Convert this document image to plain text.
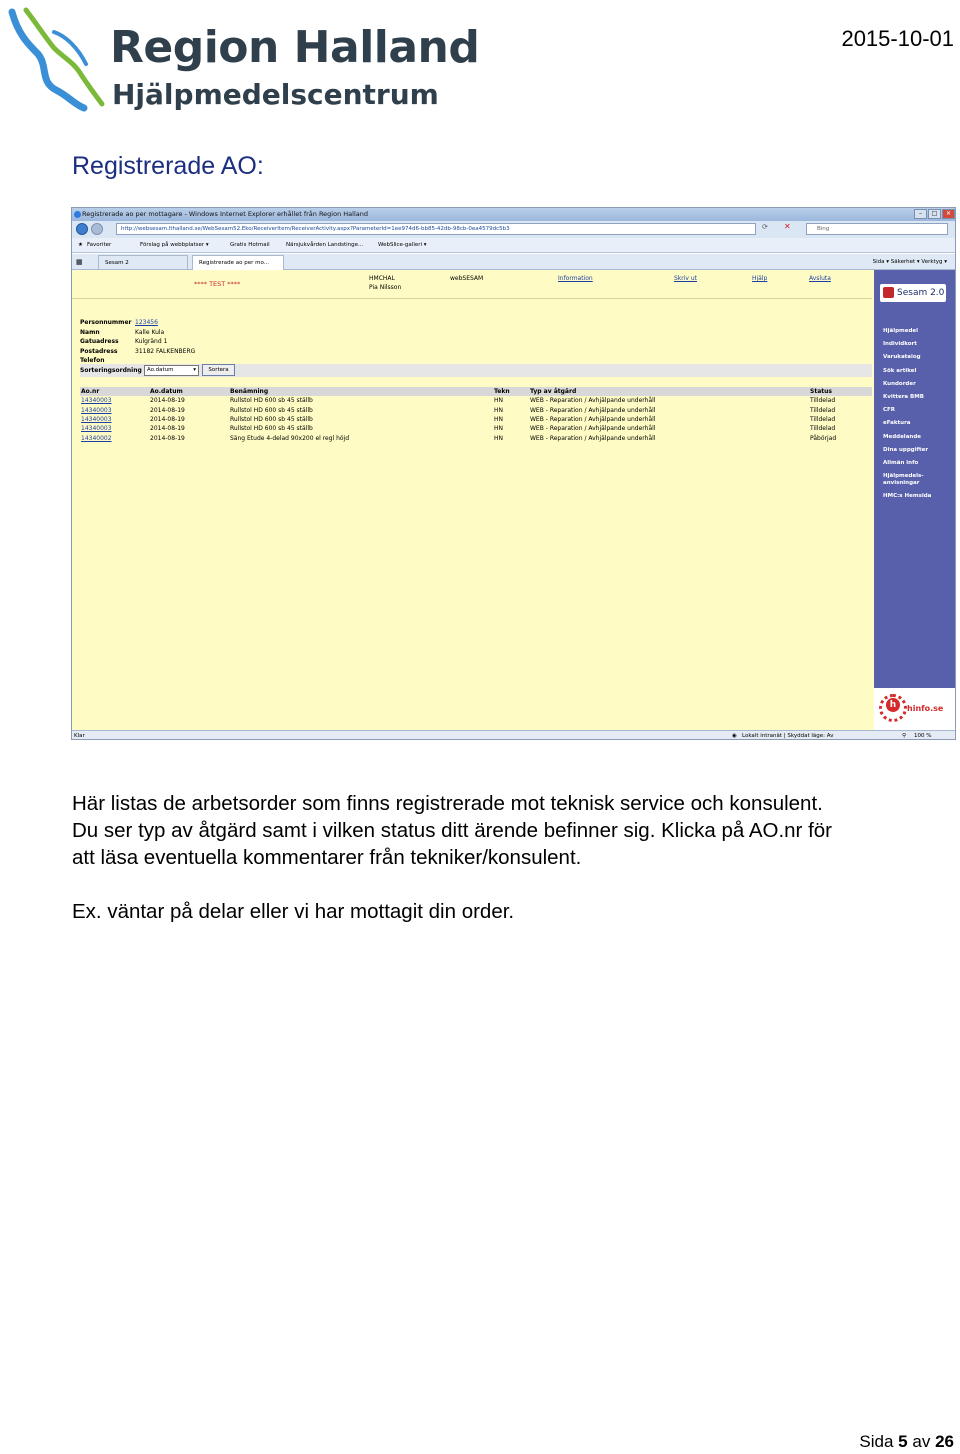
Region Halland
Hjälpmedelscentrum
2015-10-01
Registrerade AO:
Registrerade ao per mottagare - Windows Internet Explorer erhållet från Region Halland	–	□	✕
http://websesam.lthalland.se/WebSesam52.Eko/ReceiverItem/ReceiverActivity.aspx?ParameterId=1ee974d6-bb85-42db-98cb-0ea4579dc5b3	⟳ ✕	Bing
★ Favoriter	Förslag på webbplatser ▾	Gratis Hotmail	Närsjukvården Landstinge...	WebSlice-galleri ▾
▦	Sesam 2	Registrerade ao per mo...	Sida ▾ Säkerhet ▾ Verktyg ▾
**** TEST ****
HMCHAL
Pia Nilsson
webSESAM	Information	Skriv ut	Hjälp	Avsluta
Personnummer 123456
Namn	Kalle Kula
Gatuadress	Kulgränd 1
Postadress	31182 FALKENBERG
Telefon
Sorteringsordning Ao.datum	▾	Sortera
Ao.nr	Ao.datum	Benämning	Tekn	Typ av åtgärd	Status
14340003	2014-08-19	Rullstol HD 600 sb 45 ställb	HN	WEB - Reparation / Avhjälpande underhåll	Tilldelad
14340003	2014-08-19	Rullstol HD 600 sb 45 ställb	HN	WEB - Reparation / Avhjälpande underhåll	Tilldelad
14340003	2014-08-19	Rullstol HD 600 sb 45 ställb	HN	WEB - Reparation / Avhjälpande underhåll	Tilldelad
14340003	2014-08-19	Rullstol HD 600 sb 45 ställb	HN	WEB - Reparation / Avhjälpande underhåll	Tilldelad
14340002	2014-08-19	Säng Etude 4-delad 90x200 el regl höjd	HN	WEB - Reparation / Avhjälpande underhåll	Påbörjad
Sesam 2.0
Hjälpmedel
Individkort
Varukatalog
Sök artikel
Kundorder
Kvittera BMB
CFR
eFaktura
Meddelande
Dina uppgifter
Allmän info
Hjälpmedels-
anvisningar
HMC:s Hemsida
h	hinfo.se
Klar	◉ Lokalt intranät | Skyddat läge: Av	⚲ 100 %

Här listas de arbetsorder som finns registrerade mot teknisk service och konsulent.

Du ser typ av åtgärd samt i vilken status ditt ärende befinner sig. Klicka på AO.nr för

att läsa eventuella kommentarer från tekniker/konsulent.

Ex. väntar på delar eller vi har mottagit din order.

Sida 5 av 26
